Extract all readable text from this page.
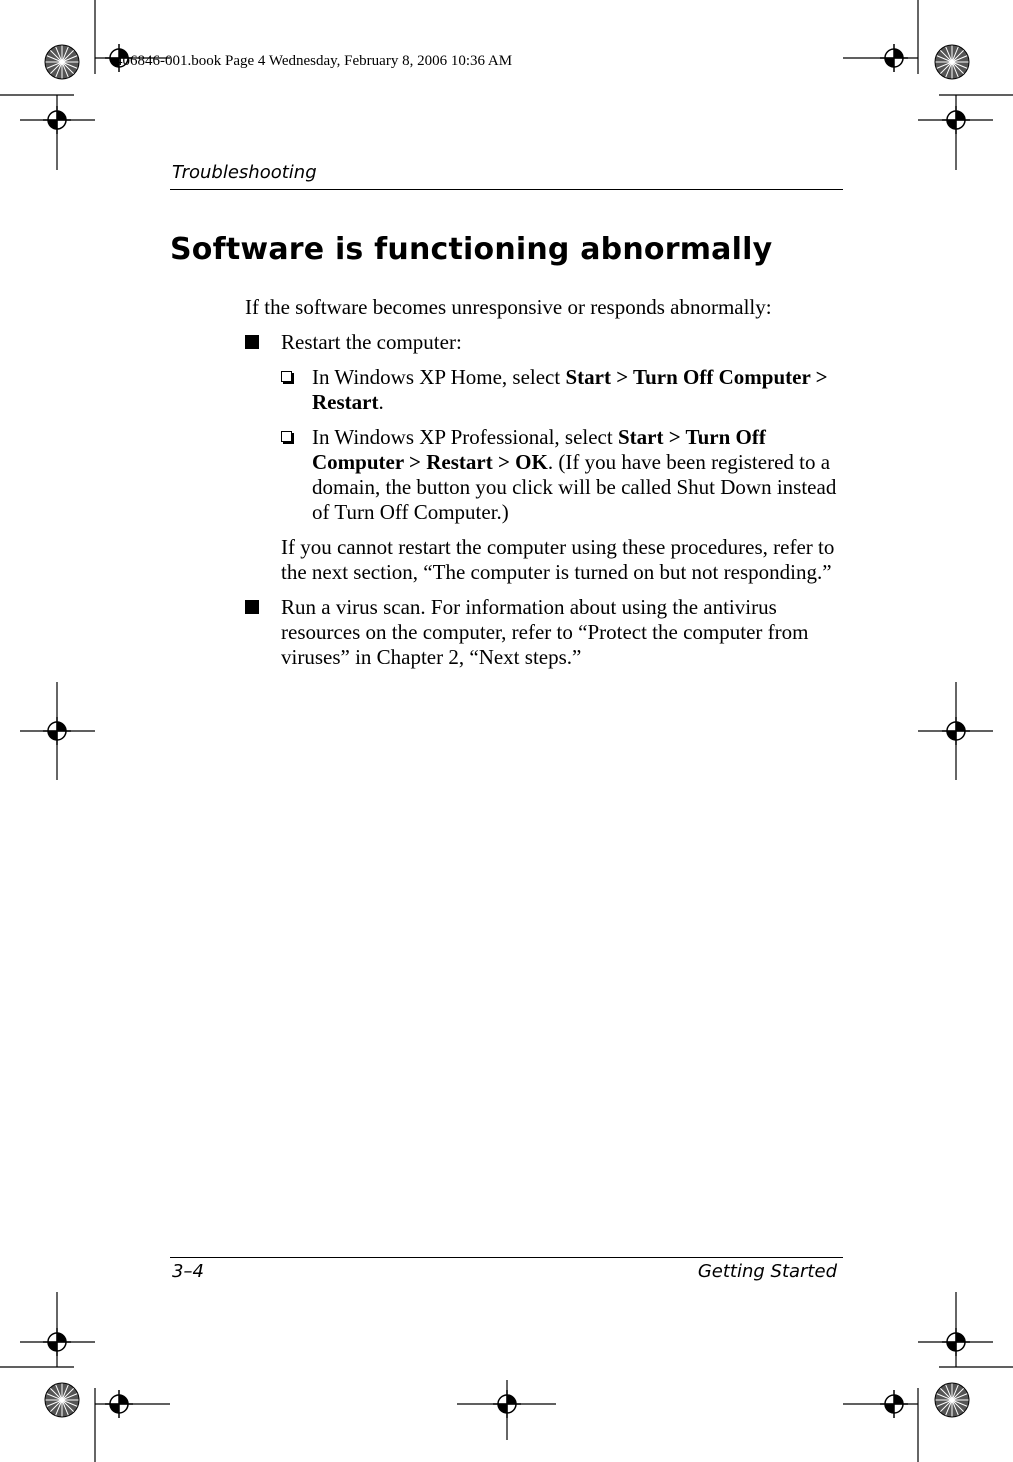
406846-001.book Page 4 Wednesday, February 8, 2006 10:36 AM
Troubleshooting
Software is functioning abnormally

If the software becomes unresponsive or responds abnormally:

Restart the computer:
In Windows XP Home, select Start > Turn Off Computer > Restart.
In Windows XP Professional, select Start > Turn Off Computer > Restart > OK. (If you have been registered to a domain, the button you click will be called Shut Down instead of Turn Off Computer.)
If you cannot restart the computer using these procedures, refer to the next section, “The computer is turned on but not responding.”
Run a virus scan. For information about using the antivirus resources on the computer, refer to “Protect the computer from viruses” in Chapter 2, “Next steps.”
3–4	Getting Started
